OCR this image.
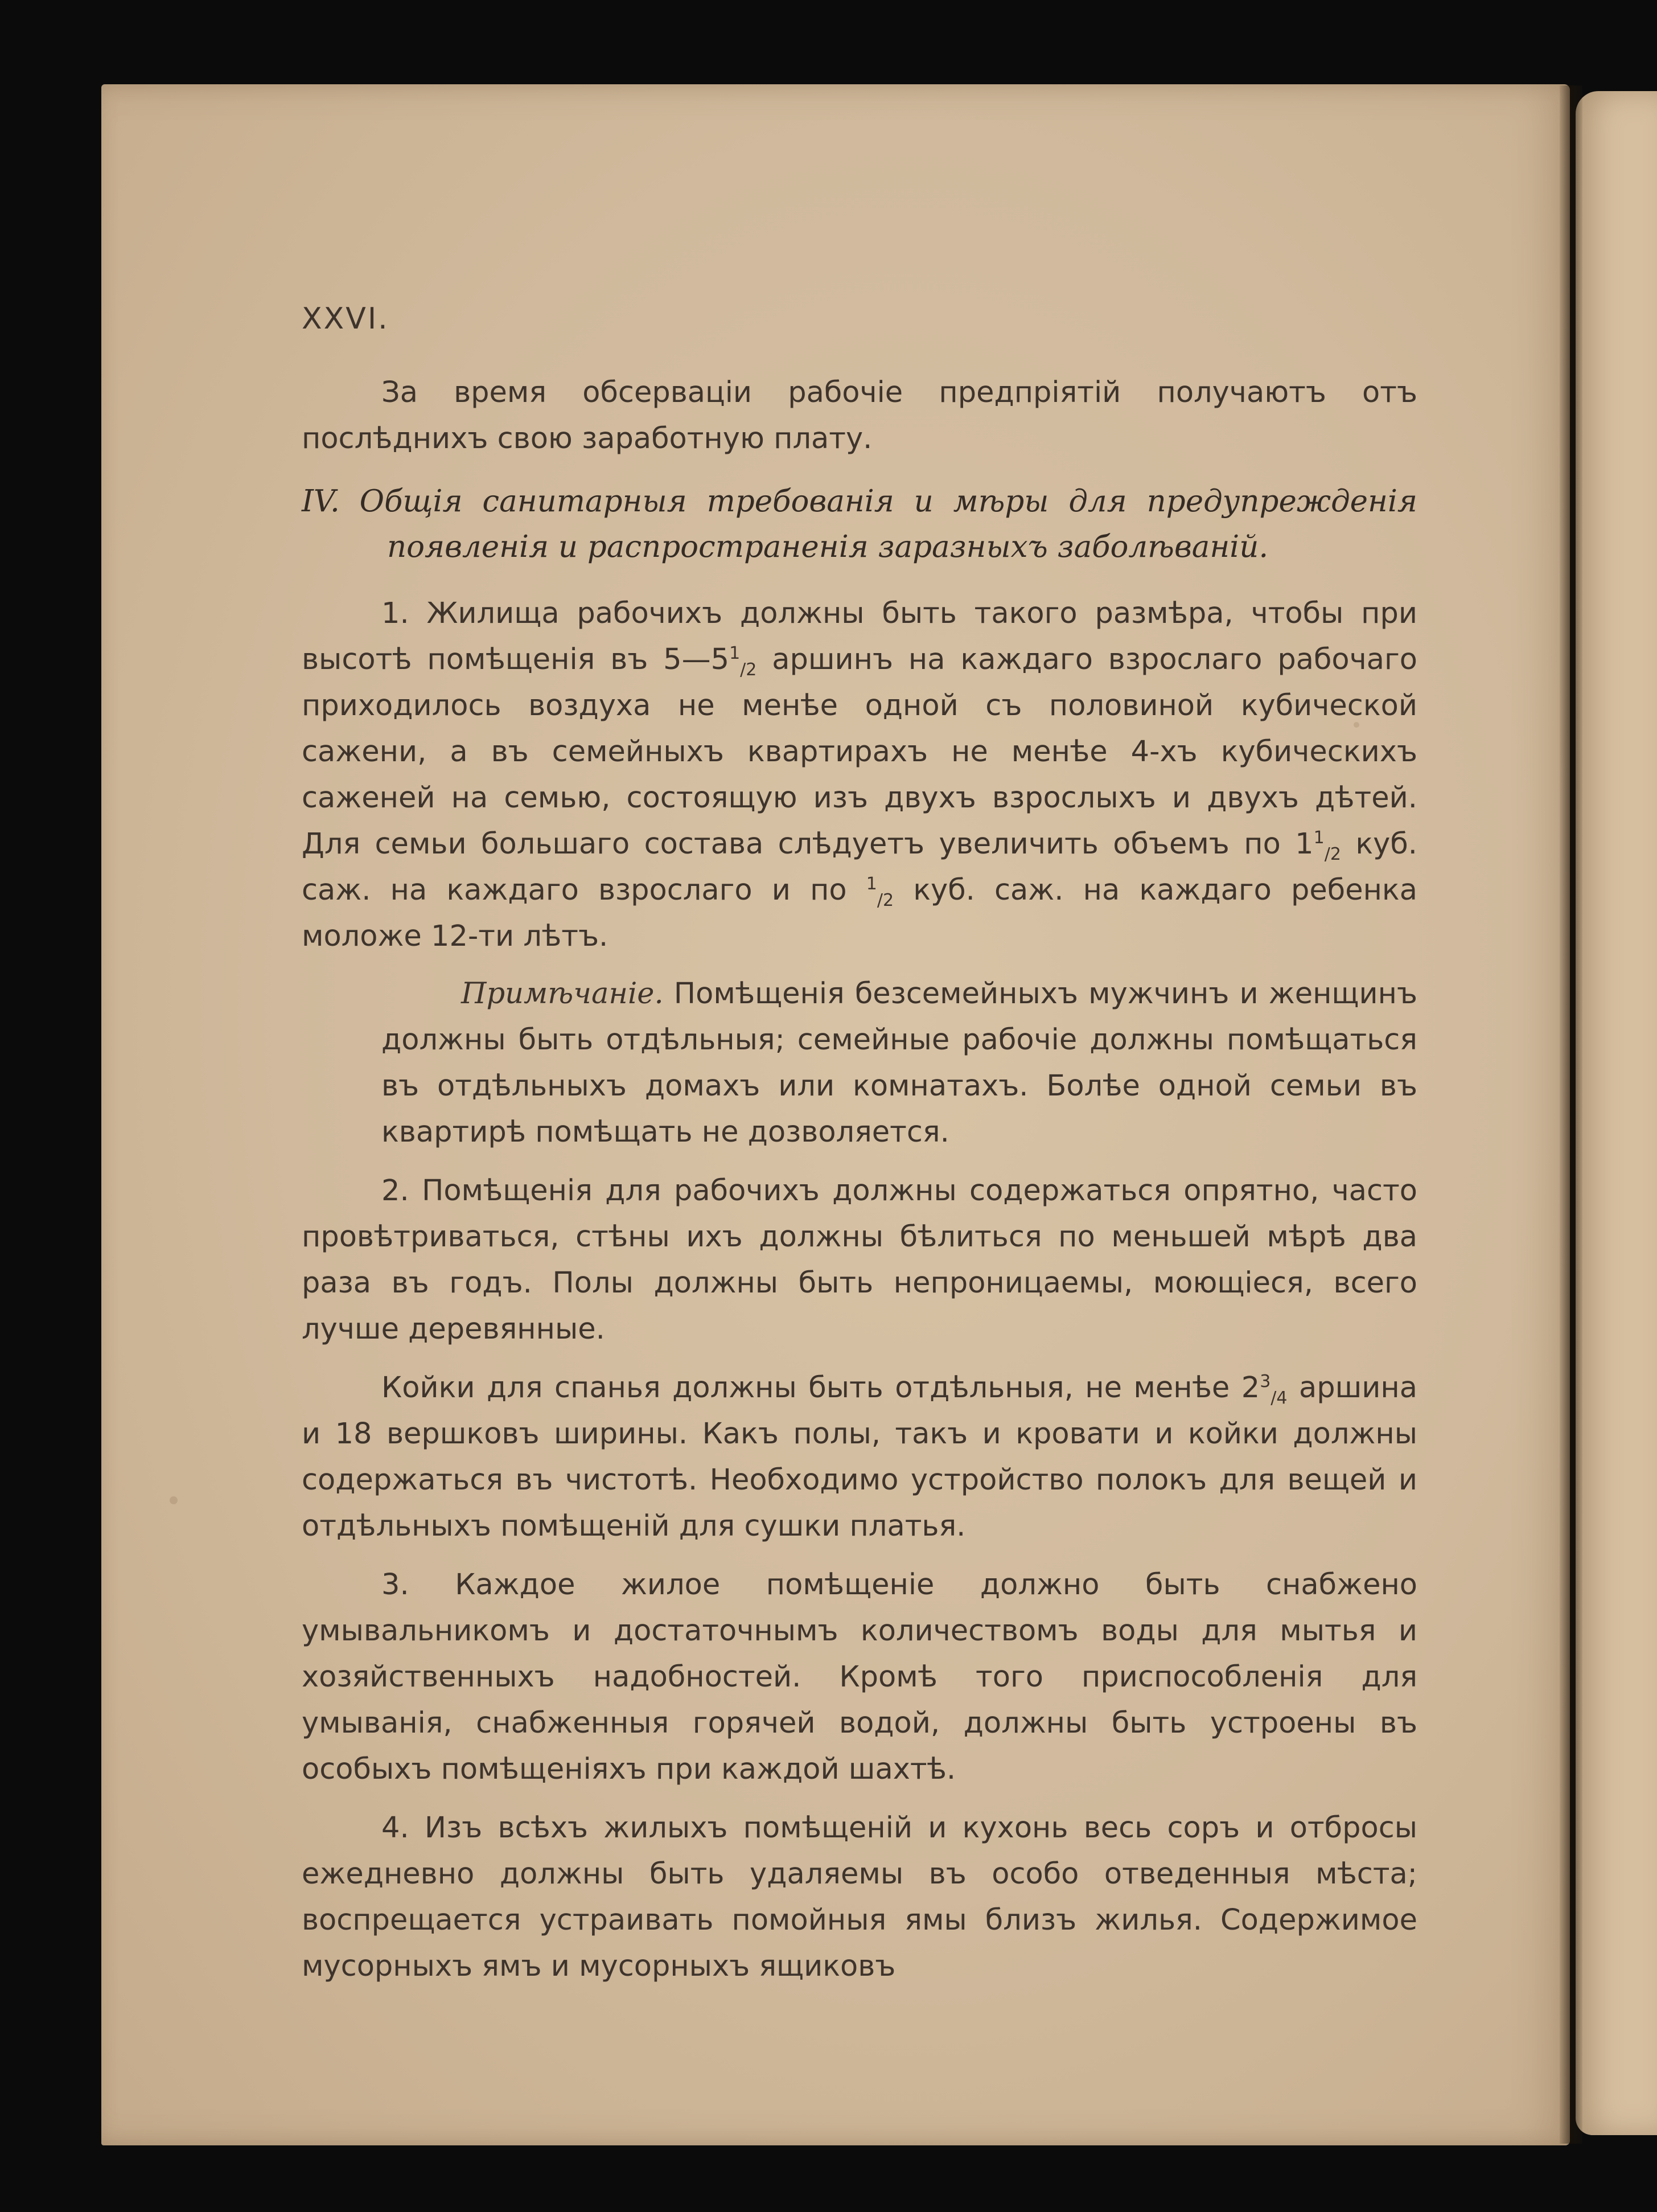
XXVI.

За время обсерваціи рабочіе предпріятій получаютъ отъ послѣднихъ свою заработную плату.

IV. Общія санитарныя требованія и мѣры для предупрежденія
появленія и распространенія заразныхъ заболѣваній.

1. Жилища рабочихъ должны быть такого размѣра, чтобы при высотѣ помѣщенія въ $5—5^1_{/2}$ аршинъ на каждаго взрослаго рабочаго приходилось воздуха не менѣе одной съ половиной кубической сажени, а въ семейныхъ квартирахъ не менѣе 4-хъ кубическихъ саженей на семью, состоящую изъ двухъ взрослыхъ и двухъ дѣтей. Для семьи большаго состава слѣдуетъ увеличить объемъ по $1^1_{/2}$ куб. саж. на каждаго взрослаго и по $^1_{/2}$ куб. саж. на каждаго ребенка моложе 12-ти лѣтъ.

Примѣчаніе. Помѣщенія безсемейныхъ мужчинъ и женщинъ должны быть отдѣльныя; семейные рабочіе должны помѣщаться въ отдѣльныхъ домахъ или комнатахъ. Болѣе одной семьи въ квартирѣ помѣщать не дозволяется.

2. Помѣщенія для рабочихъ должны содержаться опрятно, часто провѣтриваться, стѣны ихъ должны бѣлиться по меньшей мѣрѣ два раза въ годъ. Полы должны быть непроницаемы, моющіеся, всего лучше деревянные.

Койки для спанья должны быть отдѣльныя, не менѣе $2^3_{/4}$ аршина и 18 вершковъ ширины. Какъ полы, такъ и кровати и койки должны содержаться въ чистотѣ. Необходимо устройство полокъ для вещей и отдѣльныхъ помѣщеній для сушки платья.

3. Каждое жилое помѣщеніе должно быть снабжено умывальникомъ и достаточнымъ количествомъ воды для мытья и хозяйственныхъ надобностей. Кромѣ того приспособленія для умыванія, снабженныя горячей водой, должны быть устроены въ особыхъ помѣщеніяхъ при каждой шахтѣ.

4. Изъ всѣхъ жилыхъ помѣщеній и кухонь весь соръ и отбросы ежедневно должны быть удаляемы въ особо отведенныя мѣста; воспрещается устраивать помойныя ямы близъ жилья. Содержимое мусорныхъ ямъ и мусорныхъ ящиковъ
